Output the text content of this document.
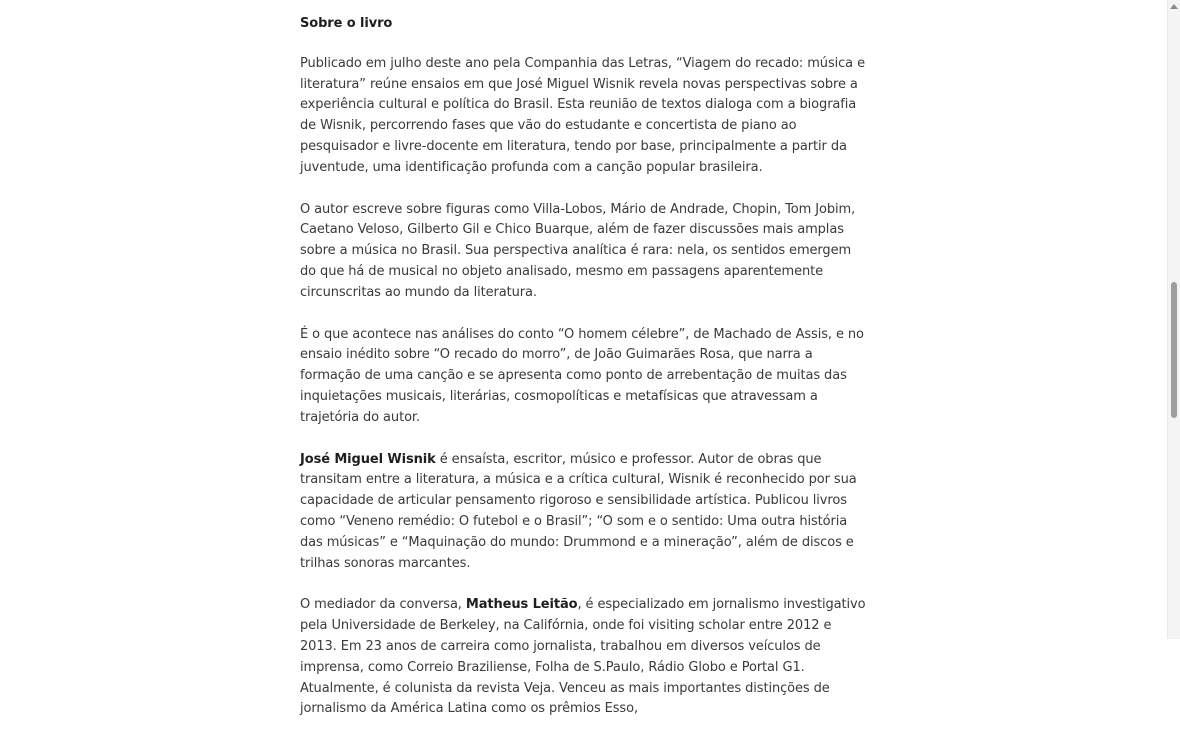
Sobre o livro

Publicado em julho deste ano pela Companhia das Letras, “Viagem do recado: música e literatura” reúne ensaios em que José Miguel Wisnik revela novas perspectivas sobre a experiência cultural e política do Brasil. Esta reunião de textos dialoga com a biografia de Wisnik, percorrendo fases que vão do estudante e concertista de piano ao pesquisador e livre-docente em literatura, tendo por base, principalmente a partir da juventude, uma identificação profunda com a canção popular brasileira.

O autor escreve sobre figuras como Villa-Lobos, Mário de Andrade, Chopin, Tom Jobim, Caetano Veloso, Gilberto Gil e Chico Buarque, além de fazer discussões mais amplas sobre a música no Brasil. Sua perspectiva analítica é rara: nela, os sentidos emergem do que há de musical no objeto analisado, mesmo em passagens aparentemente circunscritas ao mundo da literatura.

É o que acontece nas análises do conto “O homem célebre”, de Machado de Assis, e no ensaio inédito sobre “O recado do morro”, de João Guimarães Rosa, que narra a formação de uma canção e se apresenta como ponto de arrebentação de muitas das inquietações musicais, literárias, cosmopolíticas e metafísicas que atravessam a trajetória do autor.

José Miguel Wisnik é ensaísta, escritor, músico e professor. Autor de obras que transitam entre a literatura, a música e a crítica cultural, Wisnik é reconhecido por sua capacidade de articular pensamento rigoroso e sensibilidade artística. Publicou livros como “Veneno remédio: O futebol e o Brasil”; “O som e o sentido: Uma outra história das músicas” e “Maquinação do mundo: Drummond e a mineração”, além de discos e trilhas sonoras marcantes.

O mediador da conversa, Matheus Leitão, é especializado em jornalismo investigativo pela Universidade de Berkeley, na Califórnia, onde foi visiting scholar entre 2012 e 2013. Em 23 anos de carreira como jornalista, trabalhou em diversos veículos de imprensa, como Correio Braziliense, Folha de S.Paulo, Rádio Globo e Portal G1. Atualmente, é colunista da revista Veja. Venceu as mais importantes distinções de jornalismo da América Latina como os prêmios Esso,
